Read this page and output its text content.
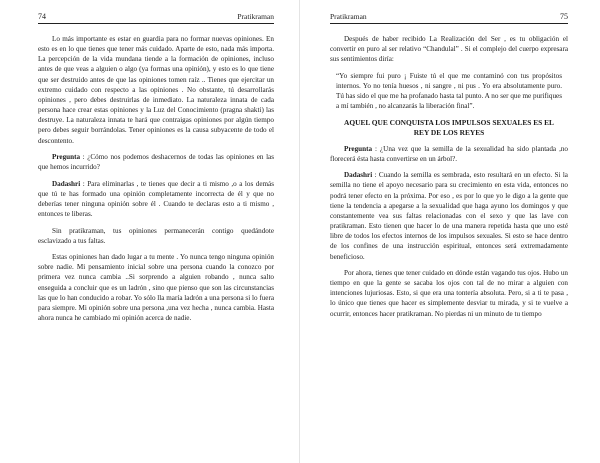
74	Pratikraman

Lo más importante es estar en guardia para no formar nuevas opiniones. En esto es en lo que tienes que tener más cuidado. Aparte de esto, nada más importa. La percepción de la vida mundana tiende a la formación de opiniones, incluso antes de que veas a alguien o algo (ya formas una opinión), y esto es lo que tiene que ser destruido antes de que las opiniones tomen raíz .. Tienes que ejercitar un extremo cuidado con respecto a las opiniones . No obstante, tú desarrollarás opiniones , pero debes destruirlas de inmediato. La naturaleza innata de cada persona hace crear estas opiniones y la Luz del Conocimiento (pragna shakti) las destruye. La naturaleza innata te hará que contraigas opiniones por algún tiempo pero debes seguir borrándolas. Tener opiniones es la causa subyacente de todo el descontento.

Pregunta : ¿Cómo nos podemos deshacernos de todas las opiniones en las que hemos incurrido?

Dadashri : Para eliminarlas , te tienes que decir a ti mismo ,o a los demás que tú te has formado una opinión completamente incorrecta de él y que no deberías tener ninguna opinión sobre él . Cuando te declaras esto a ti mismo , entonces te liberas.

Sin pratikraman, tus opiniones permanecerán contigo quedándote esclavizado a tus faltas.

Estas opiniones han dado lugar a tu mente . Yo nunca tengo ninguna opinión sobre nadie. Mi pensamiento inicial sobre una persona cuando la conozco por primera vez nunca cambia ..Si sorprendo a alguien robando , nunca salto enseguida a concluir que es un ladrón , sino que pienso que son las circunstancias las que lo han conducido a robar. Yo sólo lla maría ladrón a una persona si lo fuera para siempre. Mi opinión sobre una persona ,una vez hecha , nunca cambia. Hasta ahora nunca he cambiado mi opinión acerca de nadie.

Pratikraman	75

Después de haber recibido La Realización del Ser , es tu obligación el convertir en puro al ser relativo “Chandulal” . Si el complejo del cuerpo expresara sus sentimientos diría:

“Yo siempre fui puro ¡ Fuiste tú el que me contaminó con tus propósitos internos. Yo no tenía huesos , ni sangre , ni pus . Yo era absolutamente puro. Tú has sido el que me ha profanado hasta tal punto. A no ser que me purifiques a mí también , no alcanzarás la liberación final”.

AQUEL QUE CONQUISTA LOS IMPULSOS SEXUALES ES EL REY DE LOS REYES

Pregunta : ¿Una vez que la semilla de la sexualidad ha sido plantada ,no florecerá ésta hasta convertirse en un árbol?.

Dadashri : Cuando la semilla es sembrada, esto resultará en un efecto. Si la semilla no tiene el apoyo necesario para su crecimiento en esta vida, entonces no podrá tener efecto en la próxima. Por eso , es por lo que yo le digo a la gente que tiene la tendencia a apegarse a la sexualidad que haga ayuno los domingos y que constantemente vea sus faltas relacionadas con el sexo y que las lave con pratikraman. Esto tienen que hacer lo de una manera repetida hasta que uno esté libre de todos los efectos internos de los impulsos sexuales. Si esto se hace dentro de los confines de una instrucción espiritual, entonces será extremadamente beneficioso.

Por ahora, tienes que tener cuidado en dónde están vagando tus ojos. Hubo un tiempo en que la gente se sacaba los ojos con tal de no mirar a alguien con intenciones lujuriosas. Esto, si que era una tontería absoluta. Pero, si a ti te pasa , lo único que tienes que hacer es simplemente desviar tu mirada, y si te vuelve a ocurrir, entonces hacer pratikraman. No pierdas ni un minuto de tu tiempo
